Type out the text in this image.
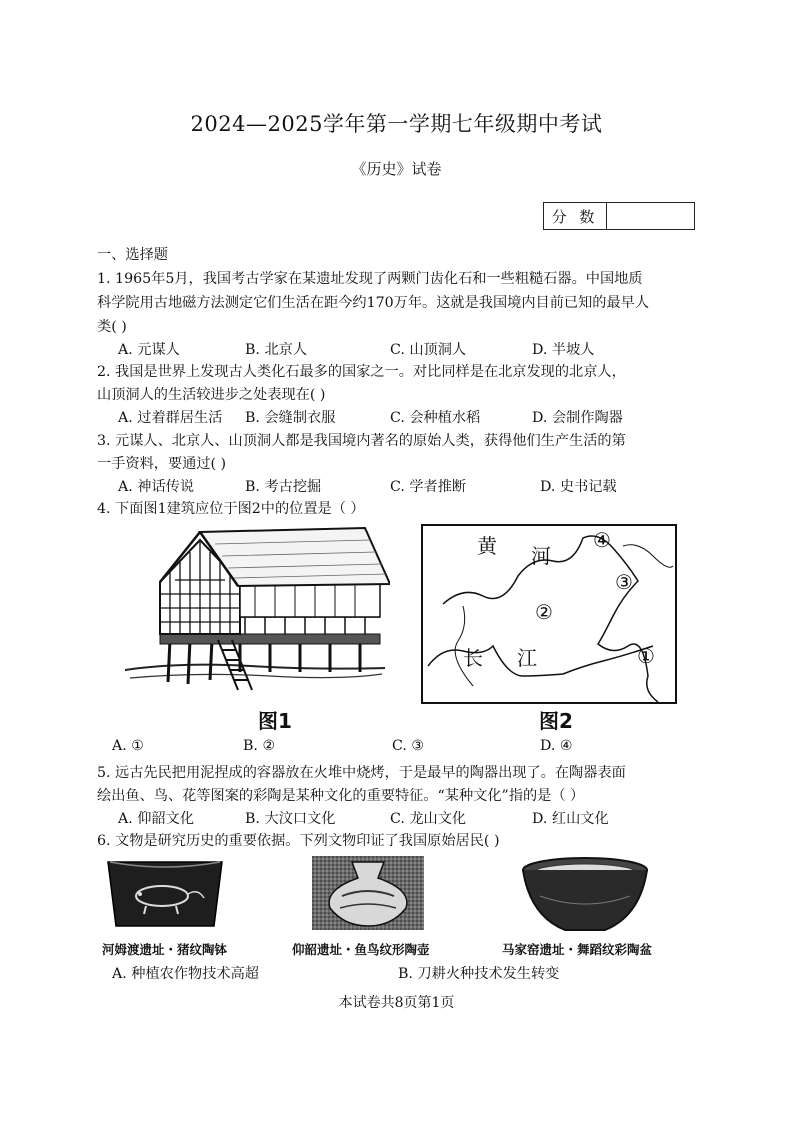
2024—2025学年第一学期七年级期中考试
《历史》试卷
分 数
一、选择题
1. 1965年5月，我国考古学家在某遗址发现了两颗门齿化石和一些粗糙石器。中国地质
科学院用古地磁方法测定它们生活在距今约170万年。这就是我国境内目前已知的最早人
类( )
A. 元谋人	B. 北京人	C. 山顶洞人	D. 半坡人
2. 我国是世界上发现古人类化石最多的国家之一。对比同样是在北京发现的北京人，
山顶洞人的生活较进步之处表现在( )
A. 过着群居生活 B. 会缝制衣服	C. 会种植水稻	D. 会制作陶器
3. 元谋人、北京人、山顶洞人都是我国境内著名的原始人类，获得他们生产生活的第
一手资料，要通过( )
A. 神话传说	B. 考古挖掘	C. 学者推断	D. 史书记载
4. 下面图1建筑应位于图2中的位置是（ ）
图1
黄 河
长 江
④
③
②
①
图2
A. ①	B. ②	C. ③	D. ④
5. 远古先民把用泥捏成的容器放在火堆中烧烤，于是最早的陶器出现了。在陶器表面
绘出鱼、鸟、花等图案的彩陶是某种文化的重要特征。“某种文化”指的是（ ）
A. 仰韶文化	B. 大汶口文化	C. 龙山文化	D. 红山文化
6. 文物是研究历史的重要依据。下列文物印证了我国原始居民( )
河姆渡遗址・猪纹陶钵	仰韶遗址・鱼鸟纹形陶壶	马家窑遗址・舞蹈纹彩陶盆
A. 种植农作物技术高超	B. 刀耕火种技术发生转变
本试卷共8页第1页
